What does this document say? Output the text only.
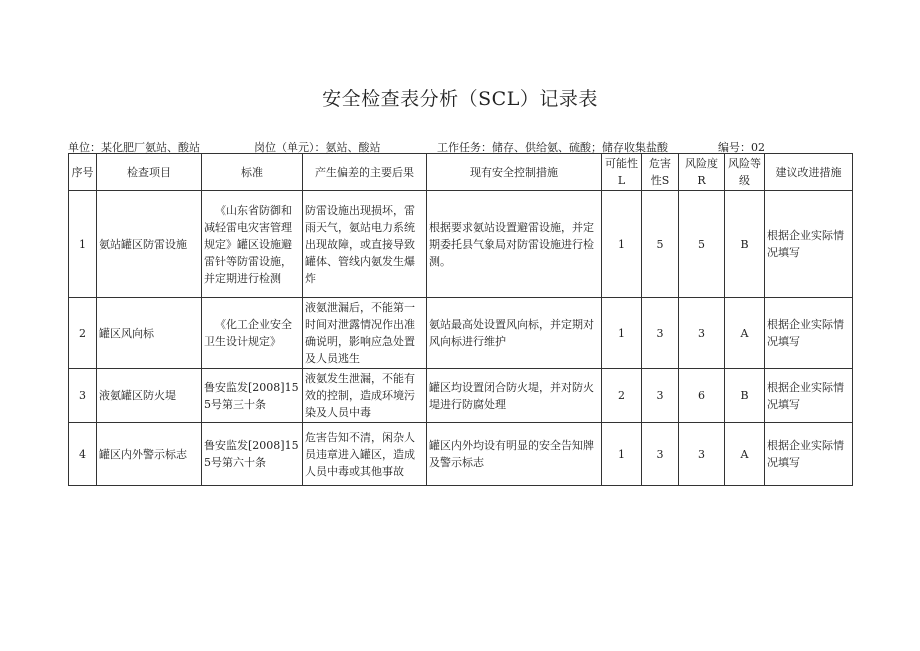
安全检查表分析（SCL）记录表
单位：某化肥厂氨站、酸站	岗位（单元）：氨站、酸站	工作任务：储存、供给氨、硫酸；储存收集盐酸	编号：02
序号	检查项目	标准	产生偏差的主要后果	现有安全控制措施	可能性L	危害性S	风险度R	风险等级	建议改进措施
1	氨站罐区防雷设施	《山东省防御和减轻雷电灾害管理规定》罐区设施避雷针等防雷设施，并定期进行检测	防雷设施出现损坏，雷雨天气，氨站电力系统出现故障，或直接导致罐体、管线内氨发生爆炸	根据要求氨站设置避雷设施，并定期委托县气象局对防雷设施进行检测。	1	5	5	B	根据企业实际情况填写
2	罐区风向标	《化工企业安全卫生设计规定》	液氨泄漏后，不能第一时间对泄露情况作出准确说明，影响应急处置及人员逃生	氨站最高处设置风向标，并定期对风向标进行维护	1	3	3	A	根据企业实际情况填写
3	液氨罐区防火堤	鲁安监发[2008]155号第三十条	液氨发生泄漏，不能有效的控制，造成环境污染及人员中毒	罐区均设置闭合防火堤，并对防火堤进行防腐处理	2	3	6	B	根据企业实际情况填写
4	罐区内外警示标志	鲁安监发[2008]155号第六十条	危害告知不清，闲杂人员违章进入罐区，造成人员中毒或其他事故	罐区内外均设有明显的安全告知牌及警示标志	1	3	3	A	根据企业实际情况填写
